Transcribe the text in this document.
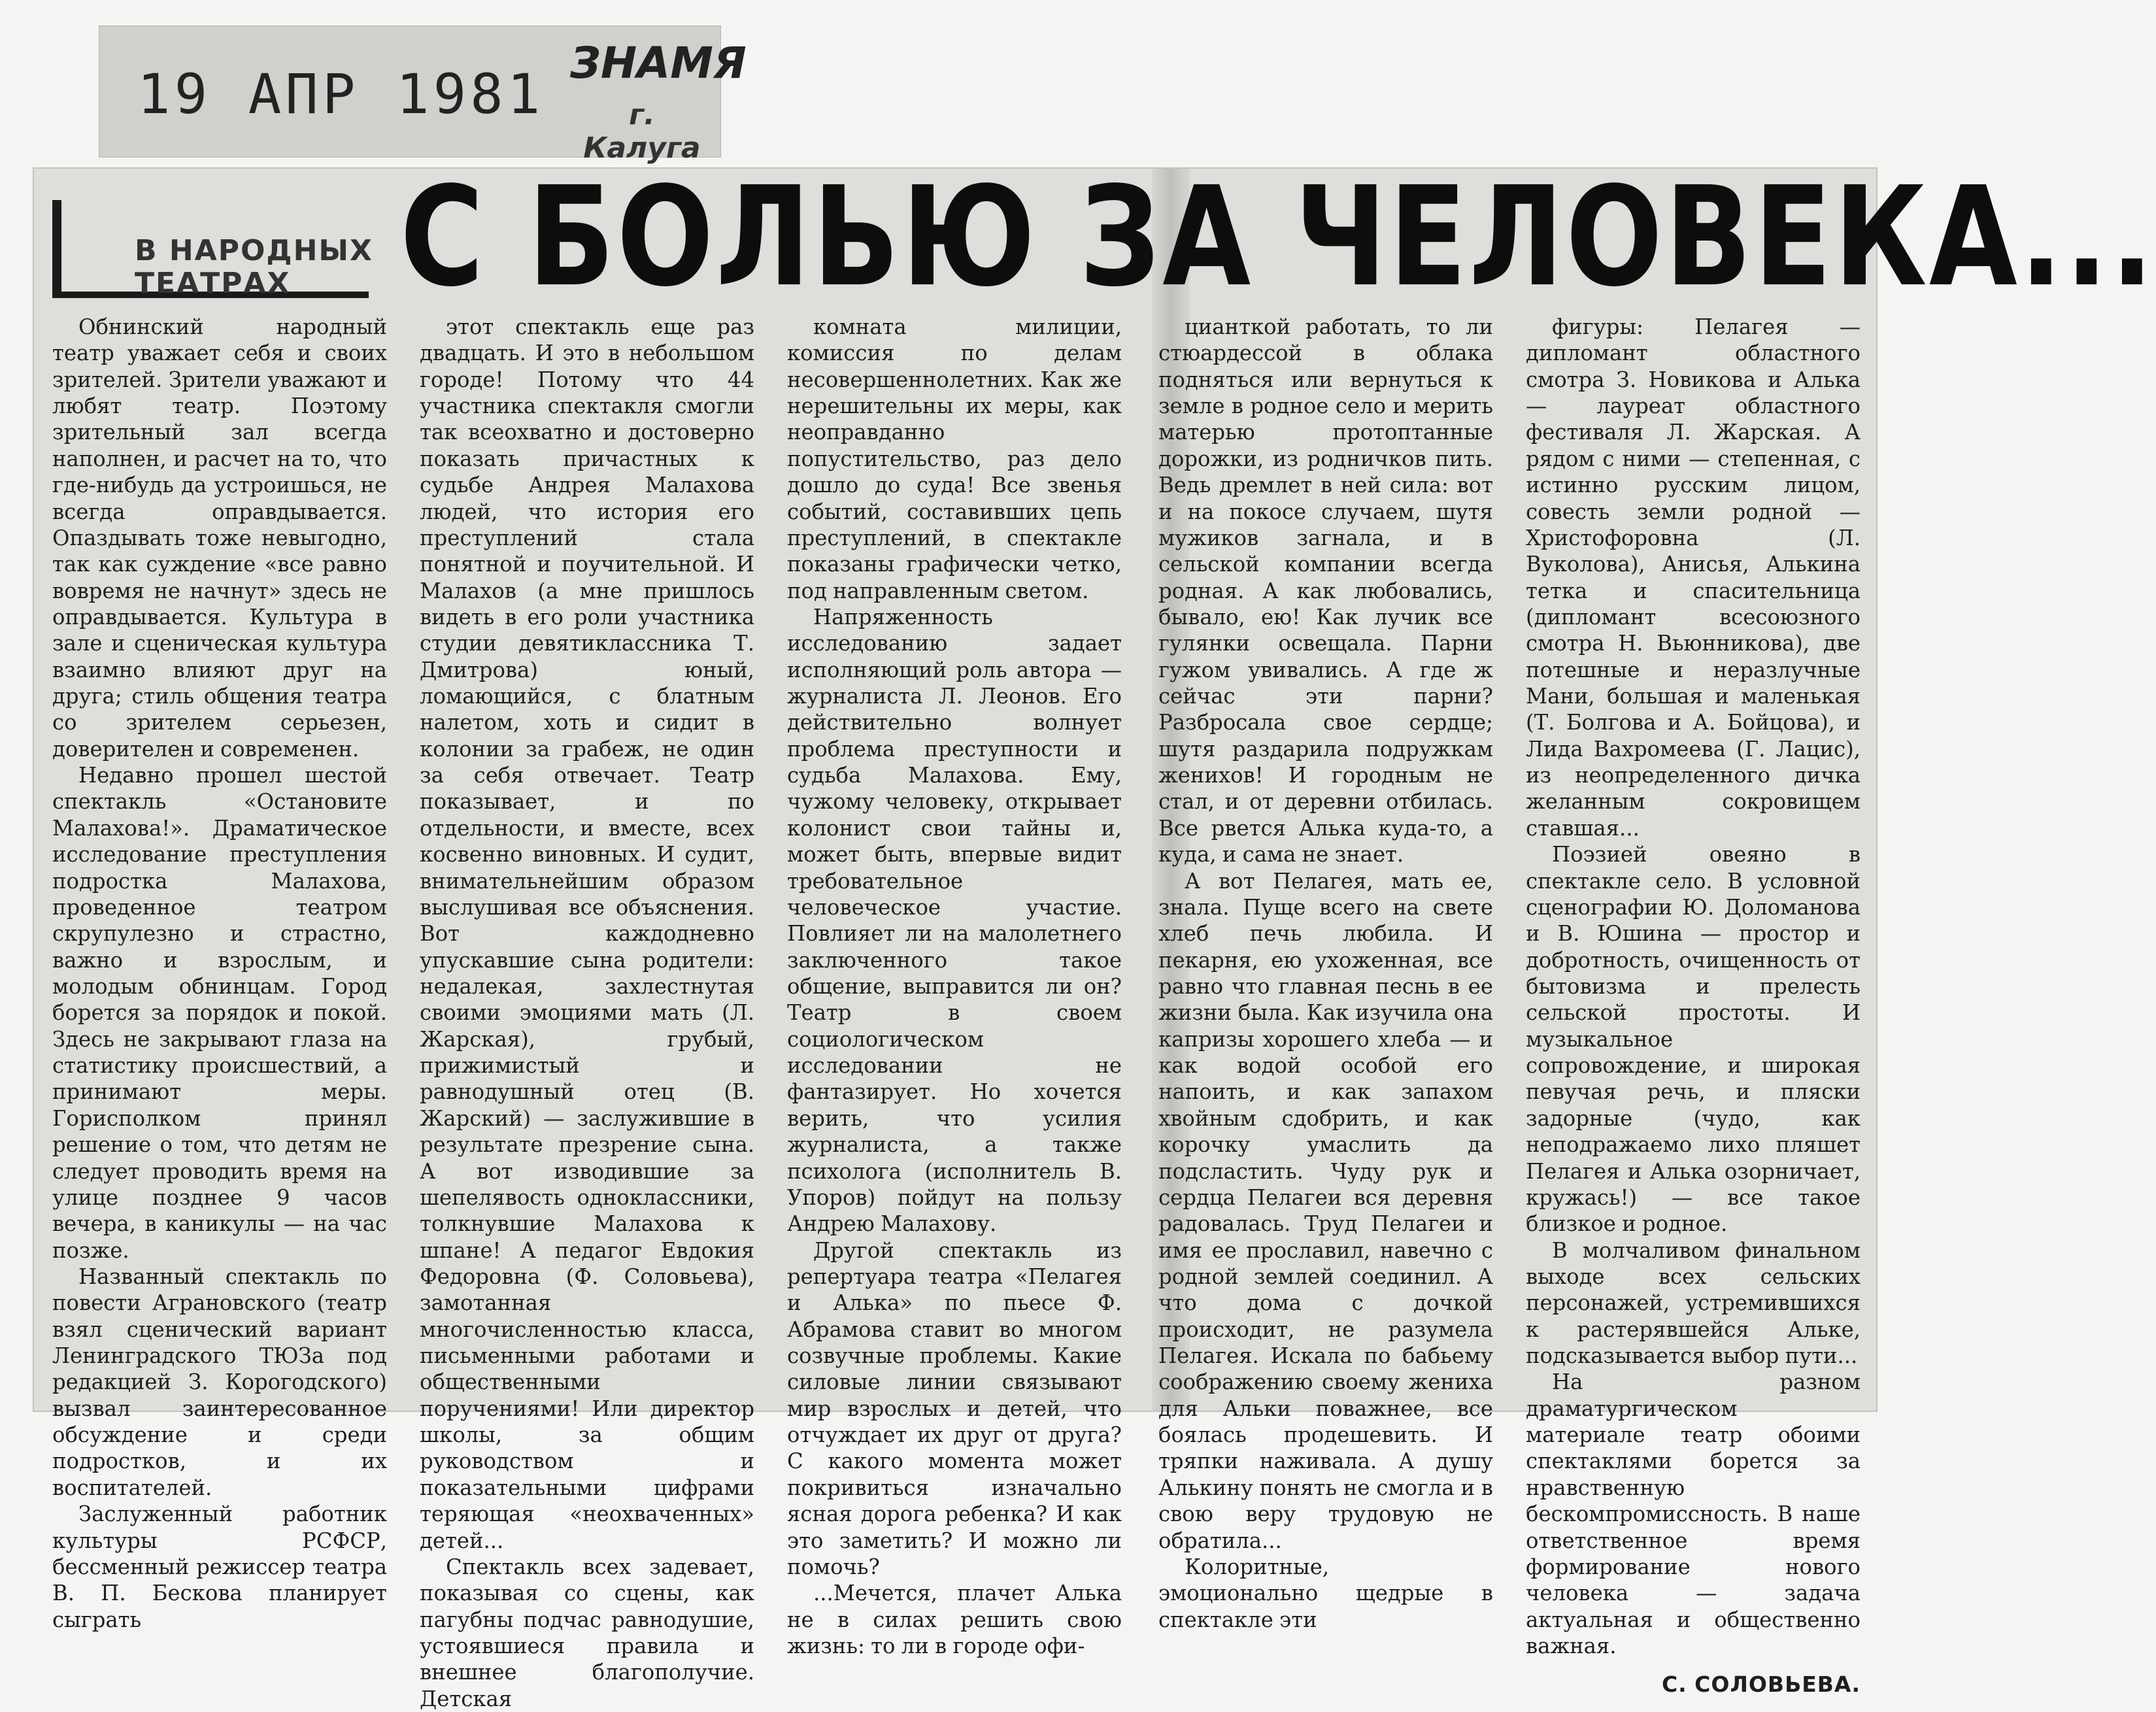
19 АПР 1981 ЗНАМЯ
г. Калуга
В НАРОДНЫХ
ТЕАТРАХ С БОЛЬЮ ЗА ЧЕЛОВЕКА...

Обнинский народный театр уважает себя и своих зрителей. Зрители уважают и любят театр. Поэтому зрительный зал всегда наполнен, и расчет на то, что где-нибудь да устроишься, не всегда оправдывается. Опаздывать тоже невыгодно, так как суждение «все равно вовремя не начнут» здесь не оправдывается. Культура в зале и сценическая культура взаимно влияют друг на друга; стиль общения театра со зрителем серьезен, доверителен и современен.

Недавно прошел шестой спектакль «Остановите Малахова!». Драматическое исследование преступления подростка Малахова, проведенное театром скрупулезно и страстно, важно и взрослым, и молодым обнинцам. Город борется за порядок и покой. Здесь не закрывают глаза на статистику происшествий, а принимают меры. Горисполком принял решение о том, что детям не следует проводить время на улице позднее 9 часов вечера, в каникулы — на час позже.

Названный спектакль по повести Аграновского (театр взял сценический вариант Ленинградского ТЮЗа под редакцией З. Корогодского) вызвал заинтересованное обсуждение и среди подростков, и их воспитателей.

Заслуженный работник культуры РСФСР, бессменный режиссер театра В. П. Бескова планирует сыграть

этот спектакль еще раз двадцать. И это в небольшом городе! Потому что 44 участника спектакля смогли так всеохватно и достоверно показать причастных к судьбе Андрея Малахова людей, что история его преступлений стала понятной и поучительной. И Малахов (а мне пришлось видеть в его роли участника студии девятиклассника Т. Дмитрова) юный, ломающийся, с блатным налетом, хоть и сидит в колонии за грабеж, не один за себя отвечает. Театр показывает, и по отдельности, и вместе, всех косвенно виновных. И судит, внимательнейшим образом выслушивая все объяснения. Вот каждодневно упускавшие сына родители: недалекая, захлестнутая своими эмоциями мать (Л. Жарская), грубый, прижимистый и равнодушный отец (В. Жарский) — заслужившие в результате презрение сына. А вот изводившие за шепелявость одноклассники, толкнувшие Малахова к шпане! А педагог Евдокия Федоровна (Ф. Соловьева), замотанная многочисленностью класса, письменными работами и общественными поручениями! Или директор школы, за общим руководством и показательными цифрами теряющая «неохваченных» детей...

Спектакль всех задевает, показывая со сцены, как пагубны подчас равнодушие, устоявшиеся правила и внешнее благополучие. Детская

комната милиции, комиссия по делам несовершеннолетних. Как же нерешительны их меры, как неоправданно попустительство, раз дело дошло до суда! Все звенья событий, составивших цепь преступлений, в спектакле показаны графически четко, под направленным светом.

Напряженность исследованию задает исполняющий роль автора — журналиста Л. Леонов. Его действительно волнует проблема преступности и судьба Малахова. Ему, чужому человеку, открывает колонист свои тайны и, может быть, впервые видит требовательное человеческое участие. Повлияет ли на малолетнего заключенного такое общение, выправится ли он? Театр в своем социологическом исследовании не фантазирует. Но хочется верить, что усилия журналиста, а также психолога (исполнитель В. Упоров) пойдут на пользу Андрею Малахову.

Другой спектакль из репертуара театра «Пелагея и Алька» по пьесе Ф. Абрамова ставит во многом созвучные проблемы. Какие силовые линии связывают мир взрослых и детей, что отчуждает их друг от друга? С какого момента может покривиться изначально ясная дорога ребенка? И как это заметить? И можно ли помочь?

...Мечется, плачет Алька не в силах решить свою жизнь: то ли в городе офи-

цианткой работать, то ли стюардессой в облака подняться или вернуться к земле в родное село и мерить матерью протоптанные дорожки, из родничков пить. Ведь дремлет в ней сила: вот и на покосе случаем, шутя мужиков загнала, и в сельской компании всегда родная. А как любовались, бывало, ею! Как лучик все гулянки освещала. Парни гужом увивались. А где ж сейчас эти парни? Разбросала свое сердце; шутя раздарила подружкам женихов! И городным не стал, и от деревни отбилась. Все рвется Алька куда-то, а куда, и сама не знает.

А вот Пелагея, мать ее, знала. Пуще всего на свете хлеб печь любила. И пекарня, ею ухоженная, все равно что главная песнь в ее жизни была. Как изучила она капризы хорошего хлеба — и как водой особой его напоить, и как запахом хвойным сдобрить, и как корочку умаслить да подсластить. Чуду рук и сердца Пелагеи вся деревня радовалась. Труд Пелагеи и имя ее прославил, навечно с родной землей соединил. А что дома с дочкой происходит, не разумела Пелагея. Искала по бабьему соображению своему жениха для Альки поважнее, все боялась продешевить. И тряпки наживала. А душу Алькину понять не смогла и в свою веру трудовую не обратила...

Колоритные, эмоционально щедрые в спектакле эти

фигуры: Пелагея — дипломант областного смотра З. Новикова и Алька — лауреат областного фестиваля Л. Жарская. А рядом с ними — степенная, с истинно русским лицом, совесть земли родной — Христофоровна (Л. Вуколова), Анисья, Алькина тетка и спасительница (дипломант всесоюзного смотра Н. Вьюнникова), две потешные и неразлучные Мани, большая и маленькая (Т. Болгова и А. Бойцова), и Лида Вахромеева (Г. Лацис), из неопределенного дичка желанным сокровищем ставшая...

Поэзией овеяно в спектакле село. В условной сценографии Ю. Доломанова и В. Юшина — простор и добротность, очищенность от бытовизма и прелесть сельской простоты. И музыкальное сопровождение, и широкая певучая речь, и пляски задорные (чудо, как неподражаемо лихо пляшет Пелагея и Алька озорничает, кружась!) — все такое близкое и родное.

В молчаливом финальном выходе всех сельских персонажей, устремившихся к растерявшейся Альке, подсказывается выбор пути...

На разном драматургическом материале театр обоими спектаклями борется за нравственную бескомпромиссность. В наше ответственное время формирование нового человека — задача актуальная и общественно важная.

С. СОЛОВЬЕВА.
